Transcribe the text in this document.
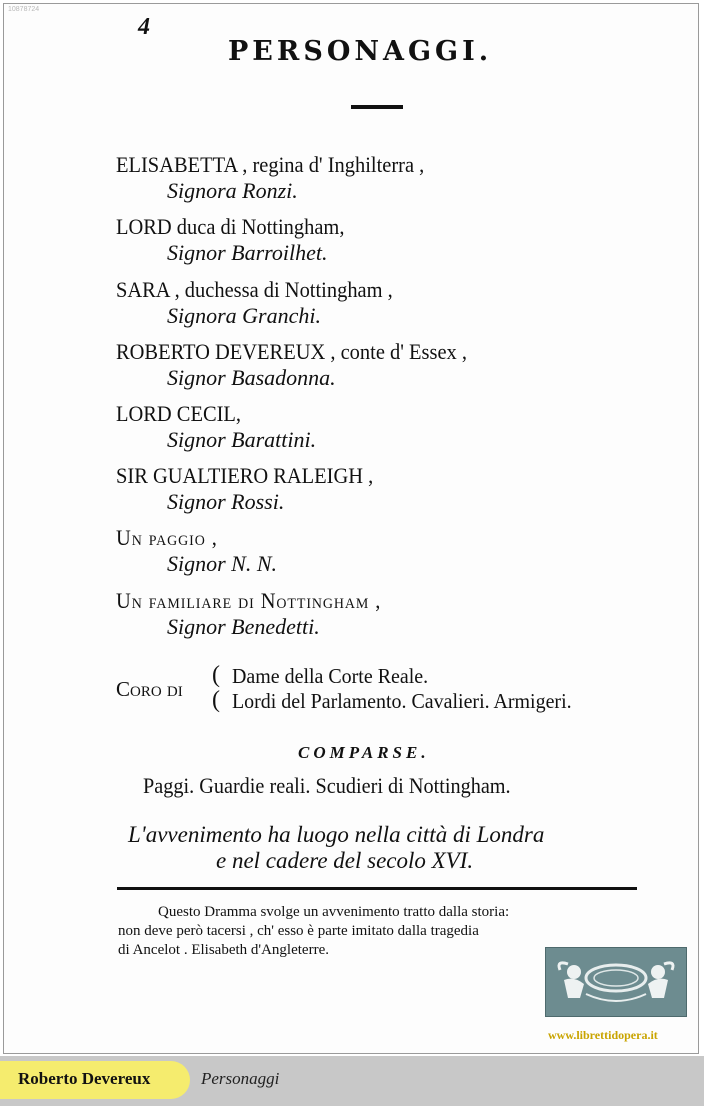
10878724
4
PERSONAGGI.
ELISABETTA , regina d' Inghilterra ,
Signora Ronzi.
LORD duca di Nottingham,
Signor Barroilhet.
SARA , duchessa di Nottingham ,
Signora Granchi.
ROBERTO DEVEREUX , conte d' Essex ,
Signor Basadonna.
LORD CECIL,
Signor Barattini.
SIR GUALTIERO RALEIGH ,
Signor Rossi.
Un paggio ,
Signor N. N.
Un familiare di Nottingham ,
Signor Benedetti.
Coro di
(
(
Dame della Corte Reale.
Lordi del Parlamento. Cavalieri. Armigeri.
COMPARSE.
Paggi. Guardie reali. Scudieri di Nottingham.
L'avvenimento ha luogo nella città di Londra
e nel cadere del secolo XVI.
Questo Dramma svolge un avvenimento tratto dalla storia:
non deve però tacersi , ch' esso è parte imitato dalla tragedia
di Ancelot . Elisabeth d'Angleterre.
www.librettidopera.it
Roberto Devereux	Personaggi
